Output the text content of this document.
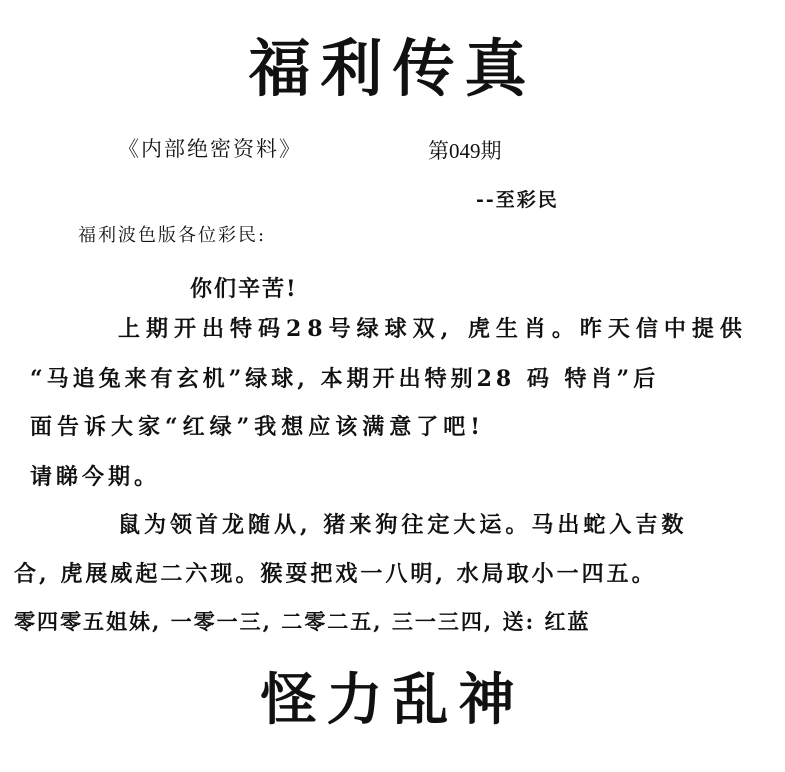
福利传真
《内部绝密资料》	第049期
--至彩民
福利波色版各位彩民:
你们辛苦!
上期开出特码28号绿球双, 虎生肖。昨天信中提供
“马追兔来有玄机”绿球, 本期开出特别28 码 特肖”后
面告诉大家“红绿”我想应该满意了吧!
请睇今期。
鼠为领首龙随从, 猪来狗往定大运。马出蛇入吉数
合, 虎展威起二六现。猴耍把戏一八明, 水局取小一四五。
零四零五姐妹, 一零一三, 二零二五, 三一三四, 送: 红蓝
怪力乱神
